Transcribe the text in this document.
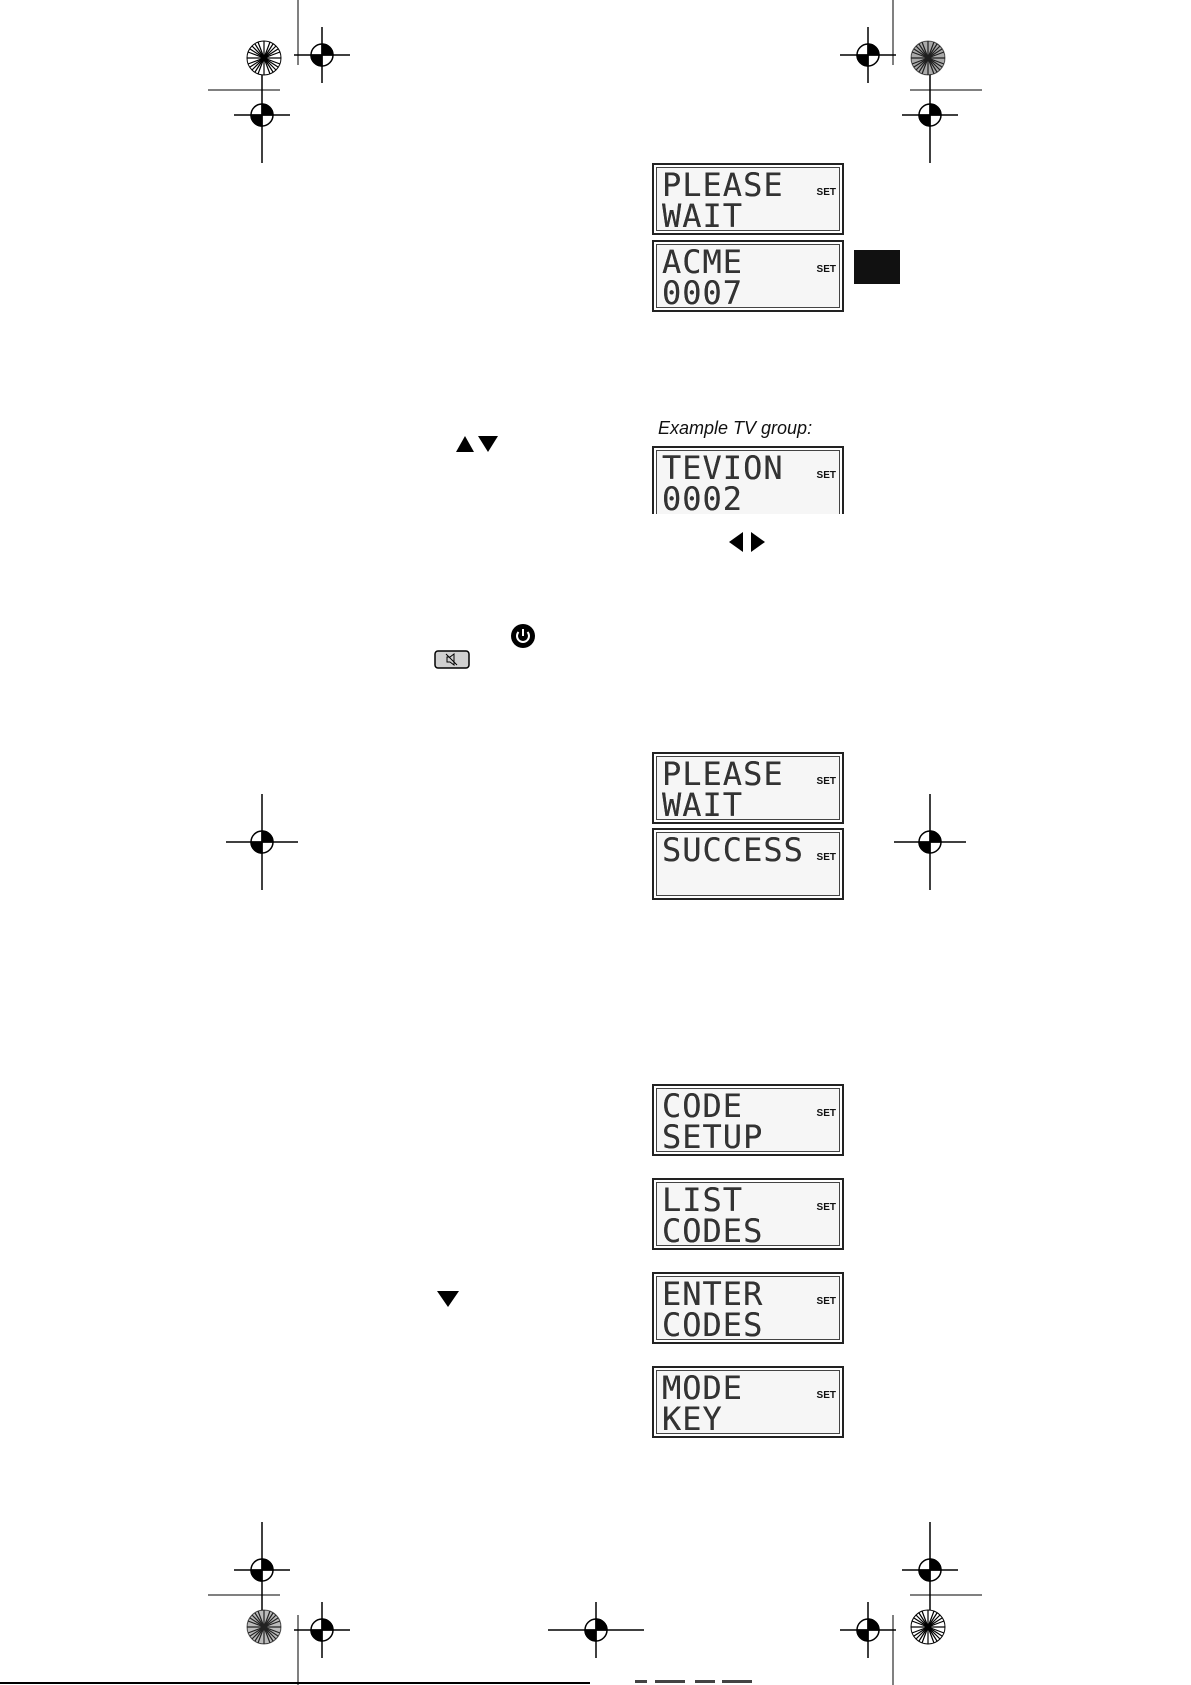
PLEASE
WAIT
SET
ACME
0007
SET
Example TV group:
TEVION
0002
SET
PLEASE
WAIT
SET
SUCCESS SET
CODE
SETUP
SET
LIST
CODES
SET
ENTER
CODES
SET
MODE
KEY
SET
